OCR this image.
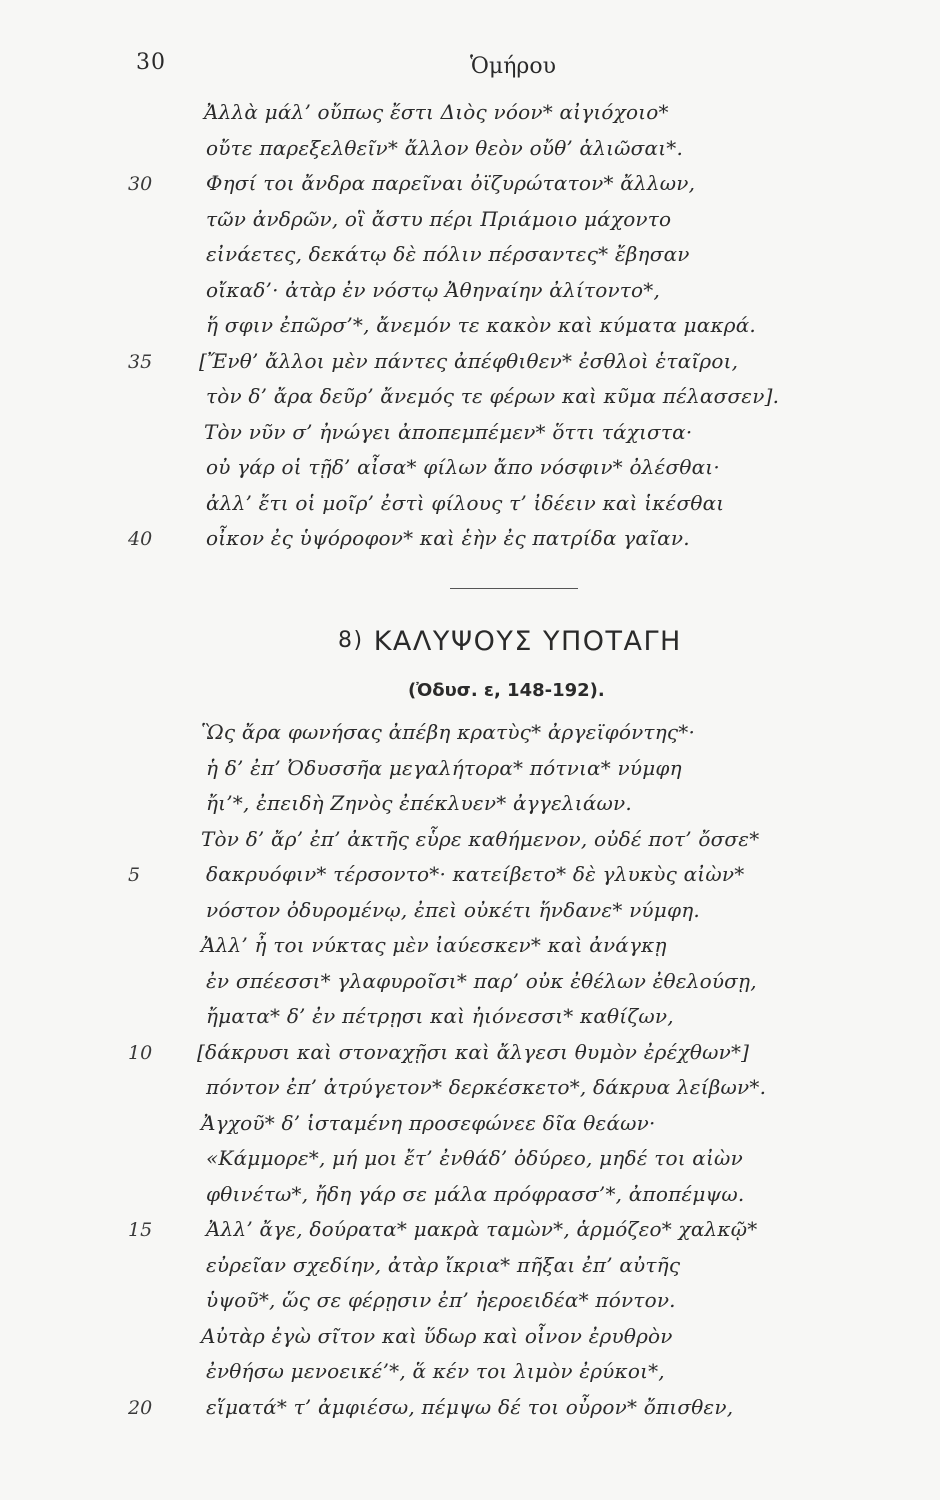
30	Ὁμήρου
Ἀλλὰ μάλ’ οὔπως ἔστι Διὸς νόον* αἰγιόχοιο*
οὔτε παρεξελθεῖν* ἄλλον θεὸν οὔθ’ ἁλιῶσαι*.
30	Φησί τοι ἄνδρα παρεῖναι ὀϊζυρώτατον* ἄλλων,
τῶν ἀνδρῶν, οἳ ἄστυ πέρι Πριάμοιο μάχοντο
εἰνάετες, δεκάτῳ δὲ πόλιν πέρσαντες* ἔβησαν
οἴκαδ’· ἀτὰρ ἐν νόστῳ Ἀθηναίην ἀλίτοντο*,
ἥ σφιν ἐπῶρσ’*, ἄνεμόν τε κακὸν καὶ κύματα μακρά.
35 [Ἔνθ’ ἄλλοι μὲν πάντες ἀπέφθιθεν* ἐσθλοὶ ἑταῖροι,
τὸν δ’ ἄρα δεῦρ’ ἄνεμός τε φέρων καὶ κῦμα πέλασσεν].
Τὸν νῦν σ’ ἠνώγει ἀποπεμπέμεν* ὅττι τάχιστα·
οὐ γάρ οἱ τῇδ’ αἶσα* φίλων ἄπο νόσφιν* ὀλέσθαι·
ἀλλ’ ἔτι οἱ μοῖρ’ ἐστὶ φίλους τ’ ἰδέειν καὶ ἱκέσθαι
40	οἶκον ἐς ὑψόροφον* καὶ ἑὴν ἐς πατρίδα γαῖαν.
8) ΚΑΛΥΨΟΥΣ ΥΠΟΤΑΓΗ
(Ὀδυσ. ε, 148-192).
Ὣς ἄρα φωνήσας ἀπέβη κρατὺς* ἀργεϊφόντης*·
ἡ δ’ ἐπ’ Ὀδυσσῆα μεγαλήτορα* πότνια* νύμφη
ἤι’*, ἐπειδὴ Ζηνὸς ἐπέκλυεν* ἀγγελιάων.
Τὸν δ’ ἄρ’ ἐπ’ ἀκτῆς εὗρε καθήμενον, οὐδέ ποτ’ ὄσσε*
5	δακρυόφιν* τέρσοντο*· κατείβετο* δὲ γλυκὺς αἰὼν*
νόστον ὀδυρομένῳ, ἐπεὶ οὐκέτι ἥνδανε* νύμφη.
Ἀλλ’ ἦ τοι νύκτας μὲν ἰαύεσκεν* καὶ ἀνάγκῃ
ἐν σπέεσσι* γλαφυροῖσι* παρ’ οὐκ ἐθέλων ἐθελούσῃ,
ἤματα* δ’ ἐν πέτρῃσι καὶ ἠιόνεσσι* καθίζων,
10 [δάκρυσι καὶ στοναχῇσι καὶ ἄλγεσι θυμὸν ἐρέχθων*]
πόντον ἐπ’ ἀτρύγετον* δερκέσκετο*, δάκρυα λείβων*.
Ἀγχοῦ* δ’ ἱσταμένη προσεφώνεε δῖα θεάων·
«Κάμμορε*, μή μοι ἔτ’ ἐνθάδ’ ὀδύρεο, μηδέ τοι αἰὼν
φθινέτω*, ἤδη γάρ σε μάλα πρόφρασσ’*, ἀποπέμψω.
15	Ἀλλ’ ἄγε, δούρατα* μακρὰ ταμὼν*, ἁρμόζεο* χαλκῷ*
εὐρεῖαν σχεδίην, ἀτὰρ ἴκρια* πῆξαι ἐπ’ αὐτῆς
ὑψοῦ*, ὥς σε φέρῃσιν ἐπ’ ἠεροειδέα* πόντον.
Αὐτὰρ ἐγὼ σῖτον καὶ ὕδωρ καὶ οἶνον ἐρυθρὸν
ἐνθήσω μενοεικέ’*, ἅ κέν τοι λιμὸν ἐρύκοι*,
20	εἵματά* τ’ ἀμφιέσω, πέμψω δέ τοι οὖρον* ὄπισθεν,
